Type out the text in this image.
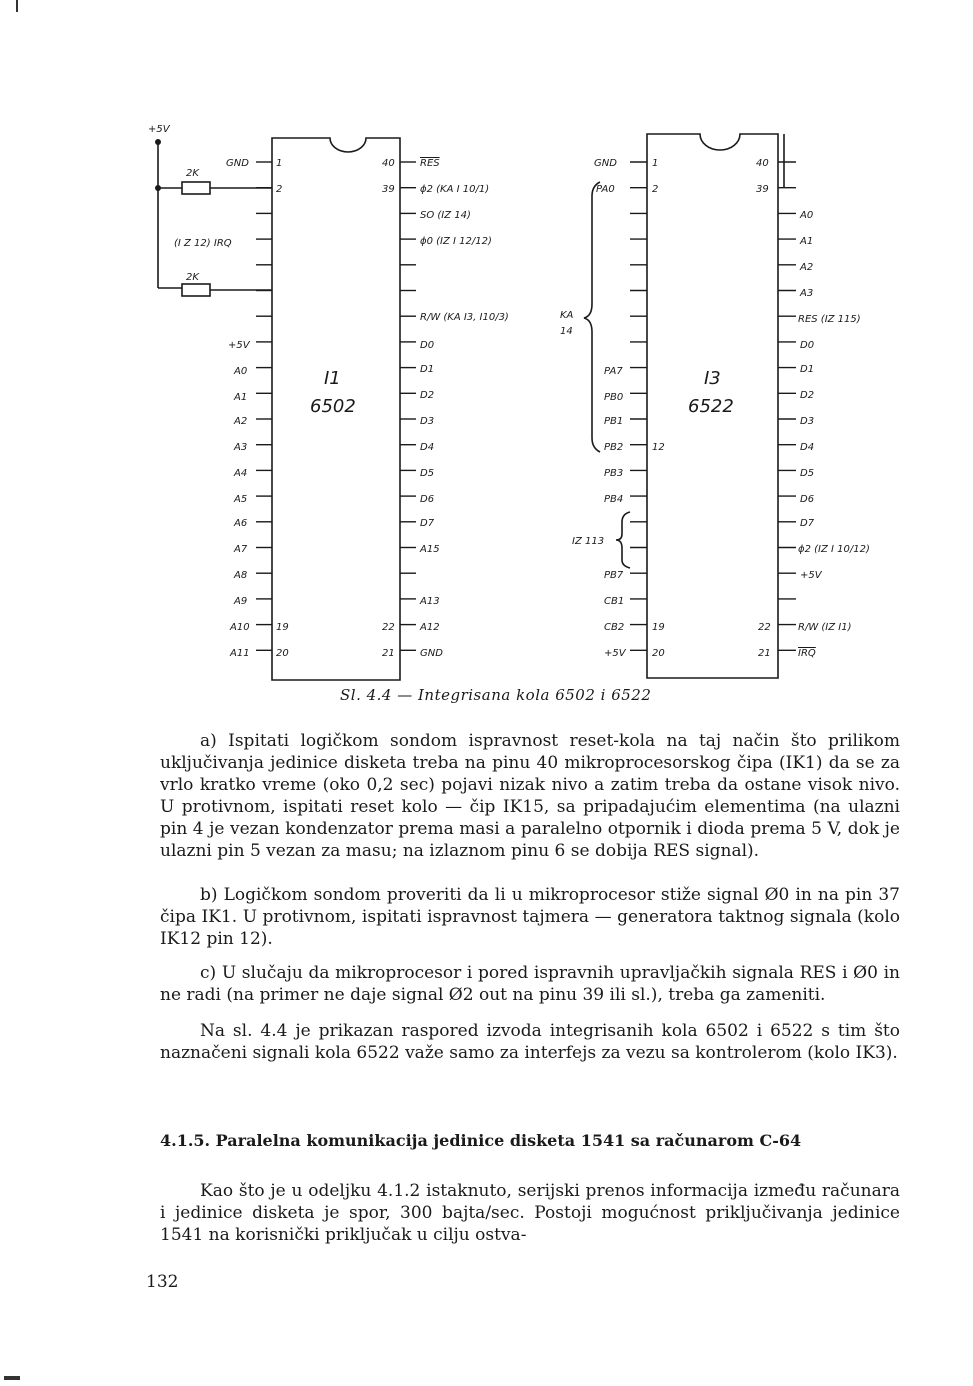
+5V
2K
2K
GND
(I Z 12) IRQ
+5V
A0
A1
A2
A3
A4
A5
A6
A7
A8
A9
A10
A11
1
2
40
39
19
20
22
21
I1
6502
RES
ϕ2 (KA I 10/1)
SO (IZ 14)
ϕ0 (IZ I 12/12)
R/W (KA I3, I10/3)
D0
D1
D2
D3
D4
D5
D6
D7
A15
A13
A12
GND
GND
PA0
PA7
PB0
PB1
PB2
PB3
PB4
PB7
CB1
CB2
+5V
KA
14
IZ 113
1
2
40
39
12
19
20
22
21
I3
6522
A0
A1
A2
A3
RES (IZ 115)
D0
D1
D2
D3
D4
D5
D6
D7
ϕ2 (IZ I 10/12)
+5V
R/W (IZ I1)
IRQ
Sl. 4.4 — Integrisana kola 6502 i 6522

a) Ispitati logičkom sondom ispravnost reset-kola na taj način što prilikom uključivanja jedinice disketa treba na pinu 40 mikroprocesorskog čipa (IK1) da se za vrlo kratko vreme (oko 0,2 sec) pojavi nizak nivo a zatim treba da ostane visok nivo. U protivnom, ispitati reset kolo — čip IK15, sa pripadajućim elementima (na ulazni pin 4 je vezan kondenzator prema masi a paralelno otpornik i dioda prema 5 V, dok je ulazni pin 5 vezan za masu; na izlaznom pinu 6 se dobija RES signal).

b) Logičkom sondom proveriti da li u mikroprocesor stiže signal Ø0 in na pin 37 čipa IK1. U protivnom, ispitati ispravnost tajmera — generatora taktnog signala (kolo IK12 pin 12).

c) U slučaju da mikroprocesor i pored ispravnih upravljačkih signala RES i Ø0 in ne radi (na primer ne daje signal Ø2 out na pinu 39 ili sl.), treba ga zameniti.

Na sl. 4.4 je prikazan raspored izvoda integrisanih kola 6502 i 6522 s tim što naznačeni signali kola 6522 važe samo za interfejs za vezu sa kontrolerom (kolo IK3).

4.1.5. Paralelna komunikacija jedinice disketa 1541 sa računarom C-64

Kao što je u odeljku 4.1.2 istaknuto, serijski prenos informacija između računara i jedinice disketa je spor, 300 bajta/sec. Postoji mogućnost priključivanja jedinice 1541 na korisnički priključak u cilju ostva-

132
